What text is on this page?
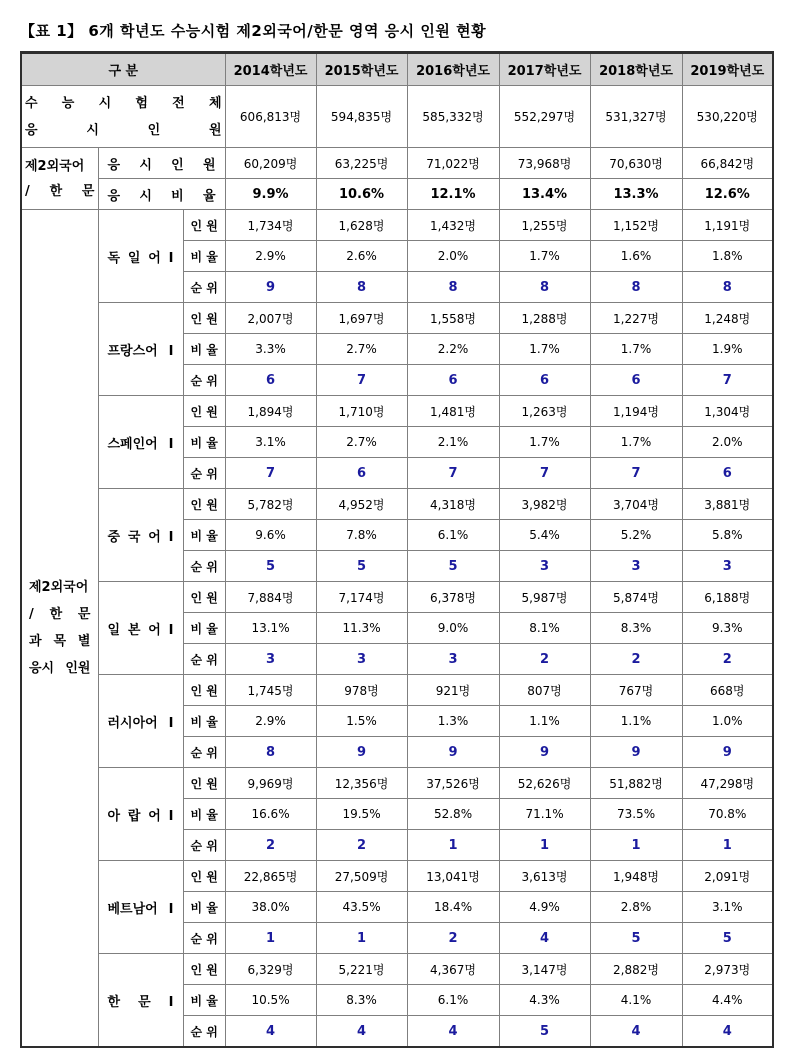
【표 1】 6개 학년도 수능시험 제2외국어/한문 영역 응시 인원 현황
구 분			2014학년도	2015학년도	2016학년도	2017학년도	2018학년도	2019학년도

수 능 시 험 전 체
응 시 인 원			606,813명	594,835명	585,332명	552,297명	531,327명	530,220명

제2외국어
/ 한 문	응 시 인 원		60,209명	63,225명	71,022명	73,968명	70,630명	66,842명
	응 시 비 율		9.9%	10.6%	12.1%	13.4%	13.3%	12.6%

제2외국어
/ 한 문
과 목 별
응시 인원	독 일 어 Ⅰ	인 원	1,734명	1,628명	1,432명	1,255명	1,152명	1,191명
		비 율	2.9%	2.6%	2.0%	1.7%	1.6%	1.8%
		순 위	9	8	8	8	8	8
	프랑스어 Ⅰ	인 원	2,007명	1,697명	1,558명	1,288명	1,227명	1,248명
		비 율	3.3%	2.7%	2.2%	1.7%	1.7%	1.9%
		순 위	6	7	6	6	6	7
	스페인어 Ⅰ	인 원	1,894명	1,710명	1,481명	1,263명	1,194명	1,304명
		비 율	3.1%	2.7%	2.1%	1.7%	1.7%	2.0%
		순 위	7	6	7	7	7	6
	중 국 어 Ⅰ	인 원	5,782명	4,952명	4,318명	3,982명	3,704명	3,881명
		비 율	9.6%	7.8%	6.1%	5.4%	5.2%	5.8%
		순 위	5	5	5	3	3	3
	일 본 어 Ⅰ	인 원	7,884명	7,174명	6,378명	5,987명	5,874명	6,188명
		비 율	13.1%	11.3%	9.0%	8.1%	8.3%	9.3%
		순 위	3	3	3	2	2	2
	러시아어 Ⅰ	인 원	1,745명	978명	921명	807명	767명	668명
		비 율	2.9%	1.5%	1.3%	1.1%	1.1%	1.0%
		순 위	8	9	9	9	9	9
	아 랍 어 Ⅰ	인 원	9,969명	12,356명	37,526명	52,626명	51,882명	47,298명
		비 율	16.6%	19.5%	52.8%	71.1%	73.5%	70.8%
		순 위	2	2	1	1	1	1
	베트남어 Ⅰ	인 원	22,865명	27,509명	13,041명	3,613명	1,948명	2,091명
		비 율	38.0%	43.5%	18.4%	4.9%	2.8%	3.1%
		순 위	1	1	2	4	5	5
	한 문 Ⅰ	인 원	6,329명	5,221명	4,367명	3,147명	2,882명	2,973명
		비 율	10.5%	8.3%	6.1%	4.3%	4.1%	4.4%
		순 위	4	4	4	5	4	4
